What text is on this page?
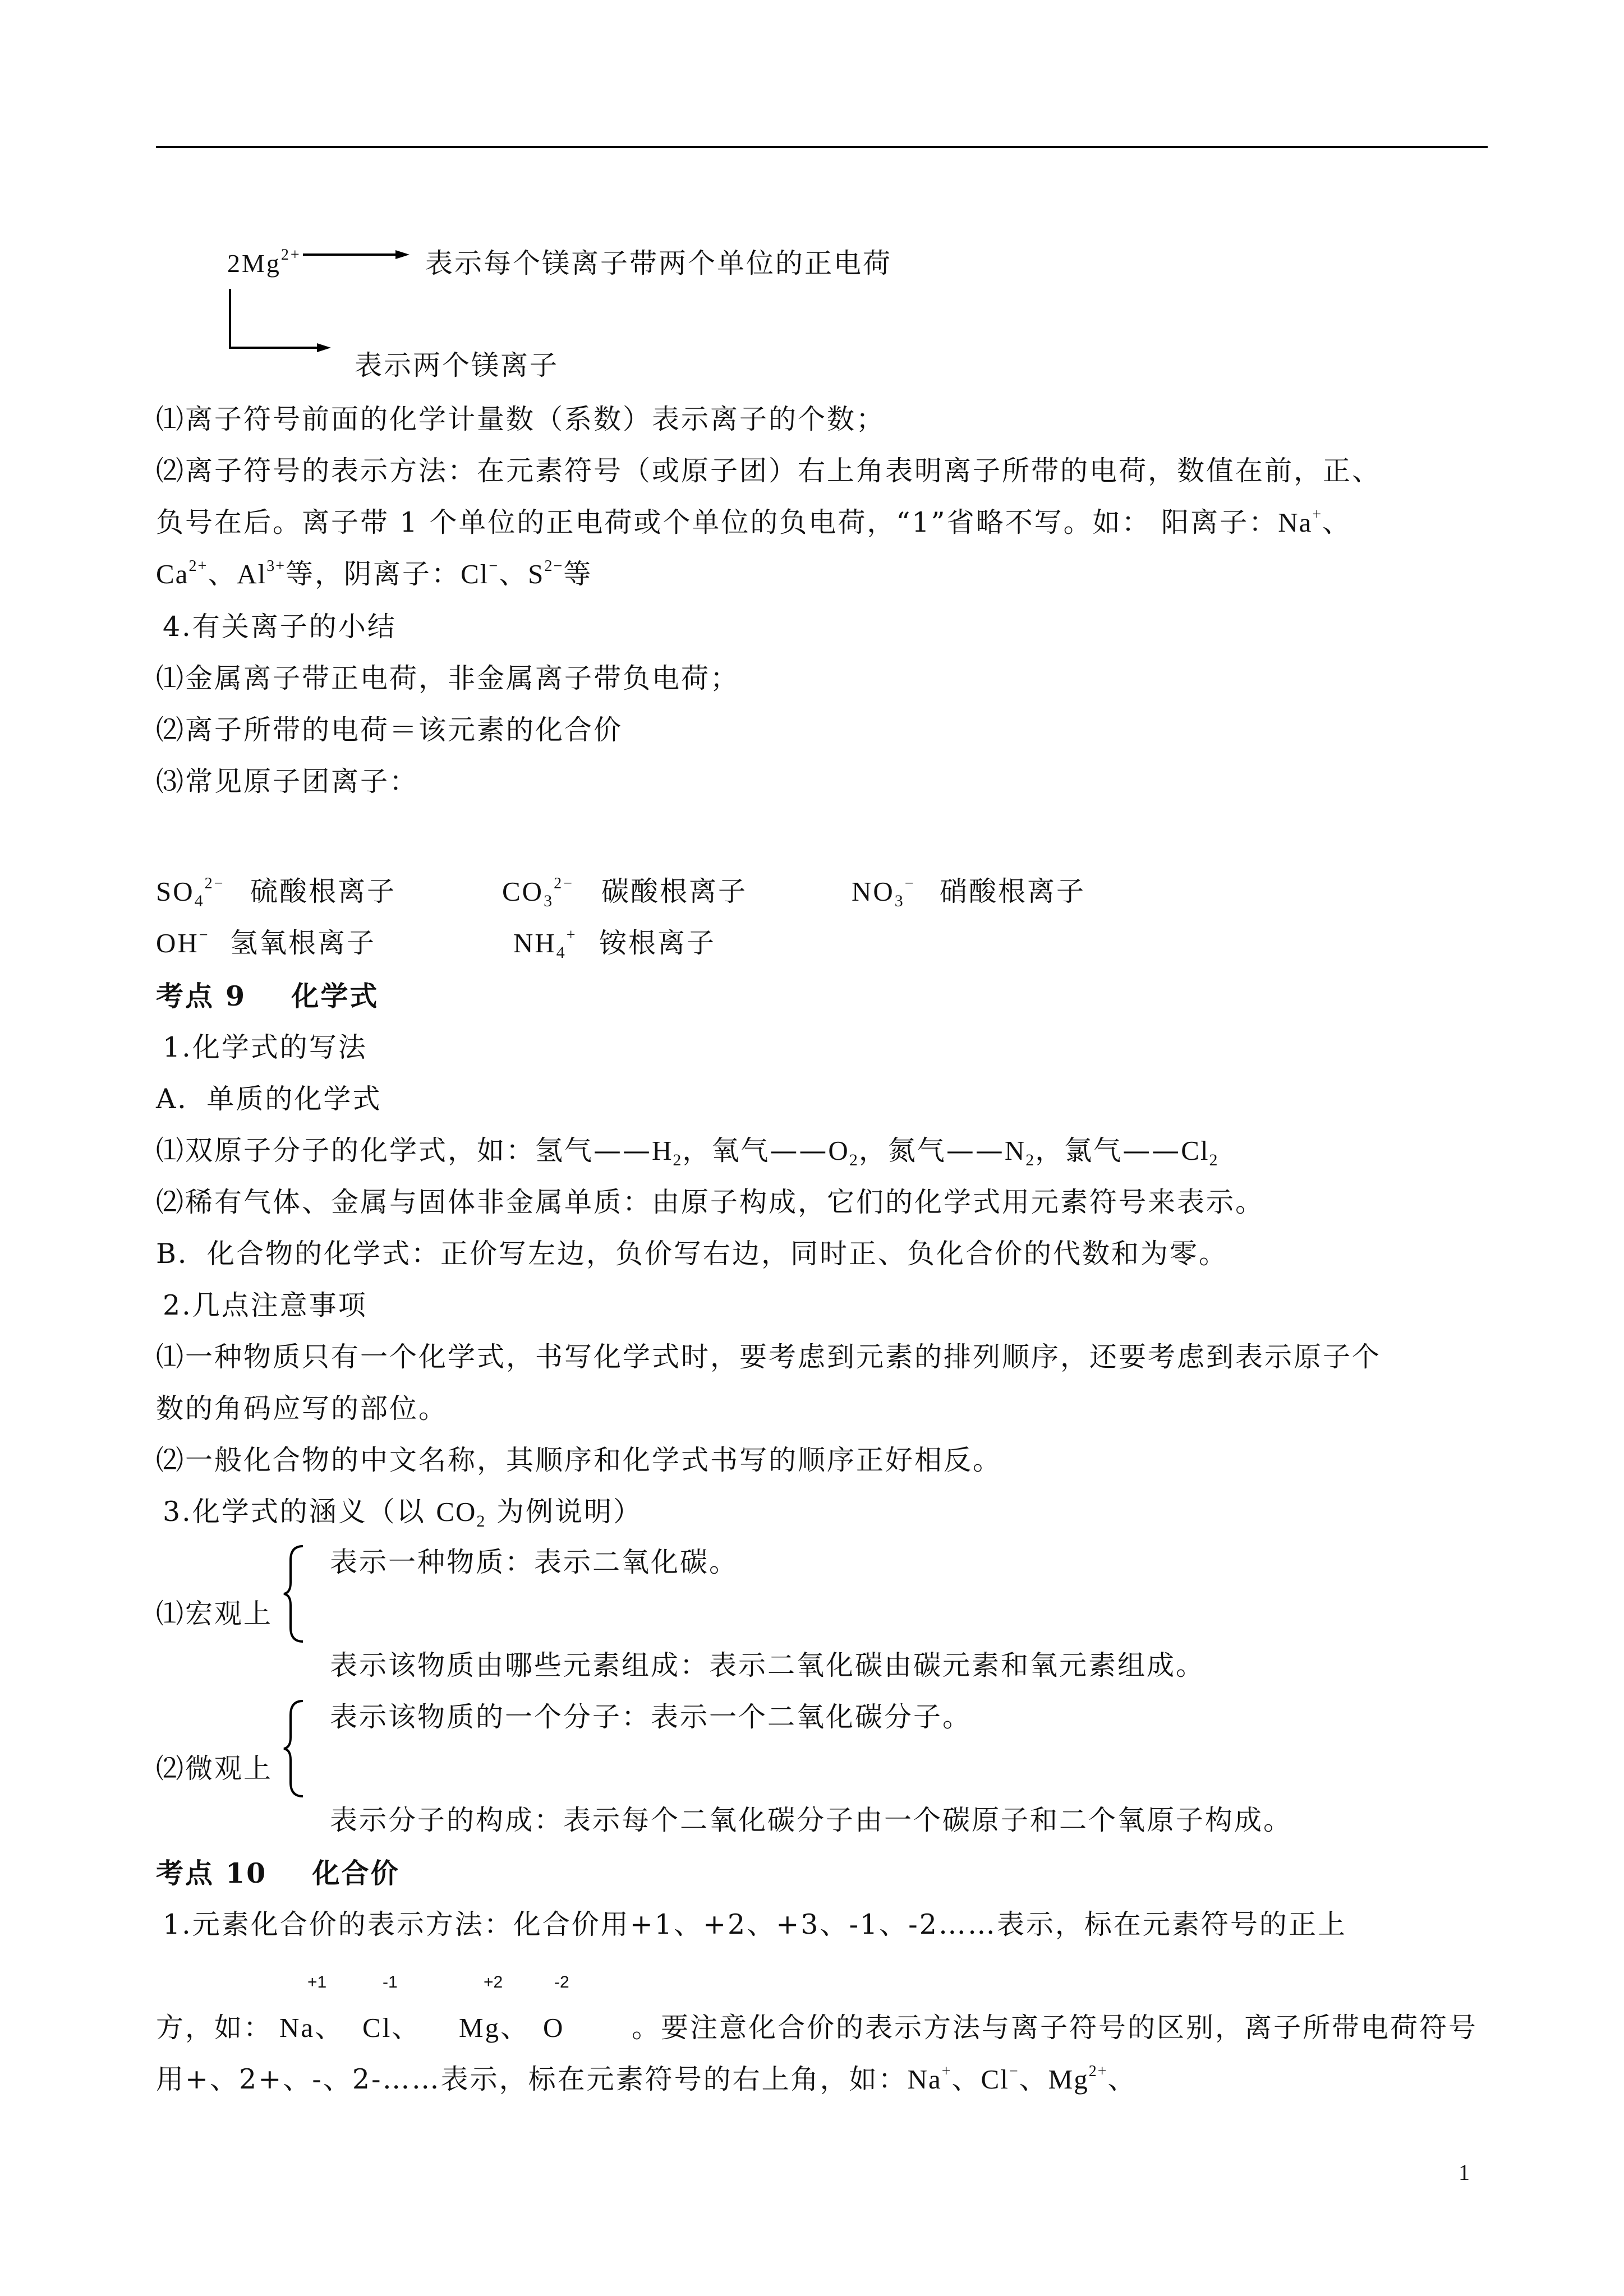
$2Mg^{2+}$	表示每个镁离子带两个单位的正电荷
表示两个镁离子
⑴离子符号前面的化学计量数（系数）表示离子的个数；
⑵离子符号的表示方法：在元素符号（或原子团）右上角表明离子所带的电荷，数值在前，正、
负号在后。离子带 1 个单位的正电荷或个单位的负电荷，“1”省略不写。如： 阳离子：Na+、
$Ca^{2+}$、$Al^{3+}$等，阴离子：Cl−、$S^{2-}$等
4.有关离子的小结
⑴金属离子带正电荷，非金属离子带负电荷；
⑵离子所带的电荷＝该元素的化合价
⑶常见原子团离子：
$SO_4^{2-}$ 硫酸根离子	$CO_3^{2-}$ 碳酸根离子	$NO_3^-$ 硝酸根离子
OH− 氢氧根离子	$NH_4^+$ 铵根离子
考点 9    化学式
1.化学式的写法
A．单质的化学式
⑴双原子分子的化学式，如：氢气$——H_2$，氧气$——O_2$，氮气$——N_2$，氯气$——Cl_2$
⑵稀有气体、金属与固体非金属单质：由原子构成，它们的化学式用元素符号来表示。
B．化合物的化学式：正价写左边，负价写右边，同时正、负化合价的代数和为零。
2.几点注意事项
⑴一种物质只有一个化学式，书写化学式时，要考虑到元素的排列顺序，还要考虑到表示原子个
数的角码应写的部位。
⑵一般化合物的中文名称，其顺序和化学式书写的顺序正好相反。
3.化学式的涵义（以 $CO_2$ 为例说明）
⑴宏观上
表示一种物质：表示二氧化碳。
表示该物质由哪些元素组成：表示二氧化碳由碳元素和氧元素组成。
⑵微观上
表示该物质的一个分子：表示一个二氧化碳分子。
表示分子的构成：表示每个二氧化碳分子由一个碳原子和二个氧原子构成。
考点 10    化合价
1.元素化合价的表示方法：化合价用+1、+2、+3、-1、-2……表示，标在元素符号的正上
方，如：	。要注意化合价的表示方法与离子符号的区别，离子所带电荷符号
Na、 Cl、 Mg、 O
+1	-1	+2	-2
用+、2+、-、2-……表示，标在元素符号的右上角，如：Na+、Cl−、$Mg^{2+}$、
1
